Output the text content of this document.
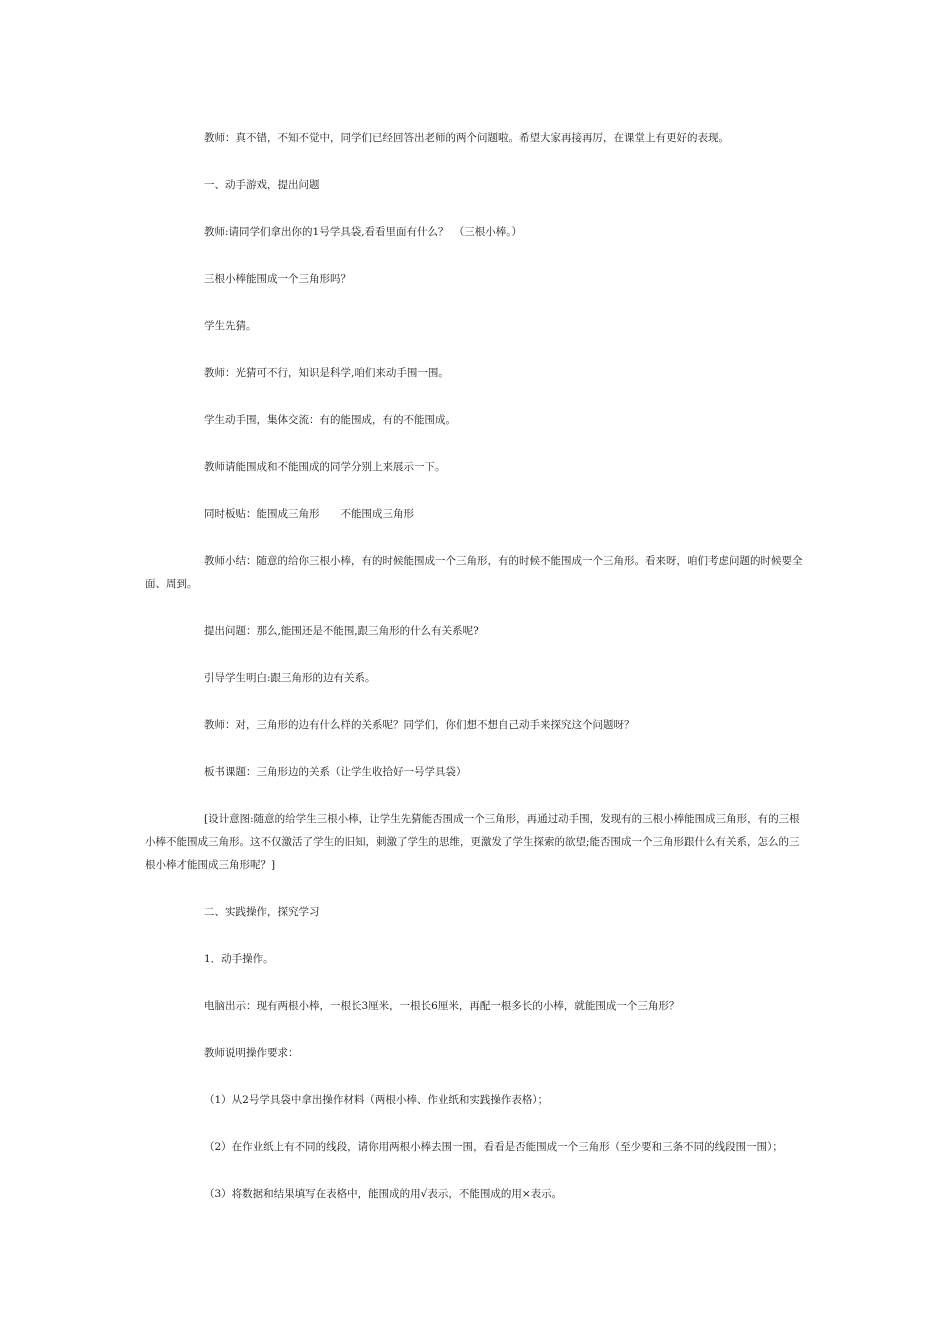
教师：真不错，不知不觉中，同学们已经回答出老师的两个问题啦。希望大家再接再厉，在课堂上有更好的表现。

一、动手游戏，提出问题

教师:请同学们拿出你的1号学具袋,看看里面有什么？　（三根小棒。）

三根小棒能围成一个三角形吗？

学生先猜。

教师：光猜可不行，知识是科学,咱们来动手围一围。

学生动手围，集体交流：有的能围成，有的不能围成。

教师请能围成和不能围成的同学分别上来展示一下。

同时板贴：能围成三角形　　不能围成三角形

教师小结：随意的给你三根小棒，有的时候能围成一个三角形，有的时候不能围成一个三角形。看来呀，咱们考虑问题的时候要全面、周到。

提出问题：那么,能围还是不能围,跟三角形的什么有关系呢?

引导学生明白:跟三角形的边有关系。

教师：对，三角形的边有什么样的关系呢？同学们，你们想不想自己动手来探究这个问题呀？

板书课题：三角形边的关系（让学生收拾好一号学具袋）

[设计意图:随意的给学生三根小棒，让学生先猜能否围成一个三角形，再通过动手围，发现有的三根小棒能围成三角形，有的三根小棒不能围成三角形。这不仅激活了学生的旧知，刺激了学生的思维，更激发了学生探索的欲望;能否围成一个三角形跟什么有关系，怎么的三根小棒才能围成三角形呢？]

二、实践操作，探究学习

1．动手操作。

电脑出示：现有两根小棒，一根长3厘米，一根长6厘米，再配一根多长的小棒，就能围成一个三角形？

教师说明操作要求：

（1）从2号学具袋中拿出操作材料（两根小棒、作业纸和实践操作表格）；

（2）在作业纸上有不同的线段，请你用两根小棒去围一围，看看是否能围成一个三角形（至少要和三条不同的线段围一围）；

（3）将数据和结果填写在表格中，能围成的用√表示，不能围成的用×表示。
